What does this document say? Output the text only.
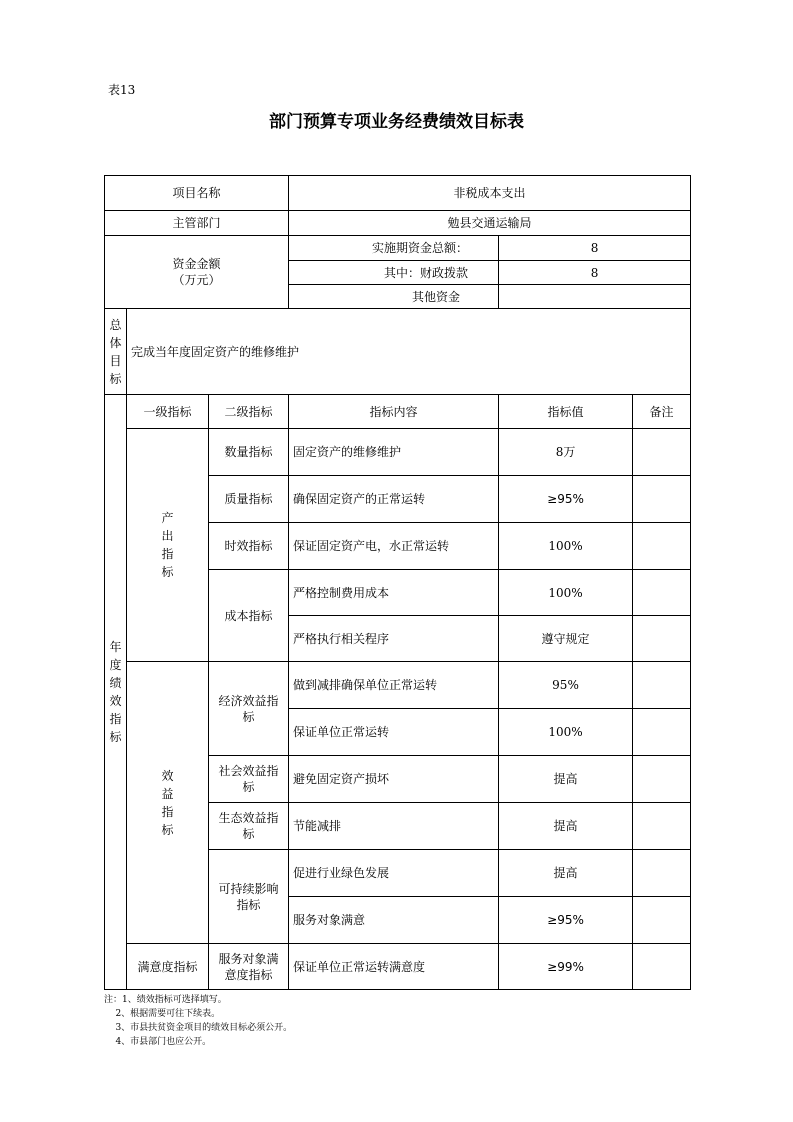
表13
部门预算专项业务经费绩效目标表
项目名称			非税成本支出		
主管部门			勉县交通运输局		

资金金额
（万元）			实施期资金总额：	8	
			其中：财政拨款	8	
			其他资金		
总体目标	完成当年度固定资产的维修维护				
年度绩效指标	一级指标	二级指标	指标内容	指标值	备注
	产出指标	数量指标	固定资产的维修维护	8万	
		质量指标	确保固定资产的正常运转	≥95%	
		时效指标	保证固定资产电，水正常运转	100%	
		成本指标	严格控制费用成本	100%	
			严格执行相关程序	遵守规定	
	效益指标	经济效益指标	做到减排确保单位正常运转	95%	
			保证单位正常运转	100%	
		社会效益指标	避免固定资产损坏	提高	
		生态效益指标	节能减排	提高	
		可持续影响指标	促进行业绿色发展	提高	
			服务对象满意	≥95%	
	满意度指标	服务对象满意度指标	保证单位正常运转满意度	≥99%	
注：1、绩效指标可选择填写。
2、根据需要可往下续表。
3、市县扶贫资金项目的绩效目标必须公开。
4、市县部门也应公开。
